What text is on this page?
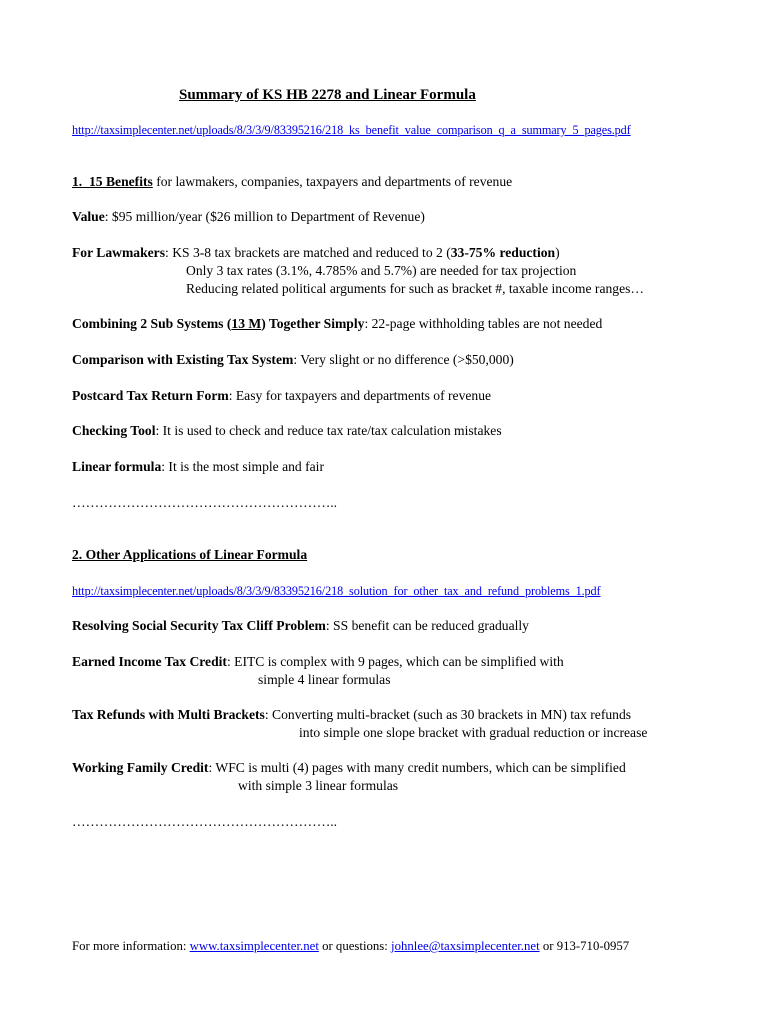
Summary of KS HB 2278 and Linear Formula
http://taxsimplecenter.net/uploads/8/3/3/9/83395216/218_ks_benefit_value_comparison_q_a_summary_5_pages.pdf
1. 15 Benefits for lawmakers, companies, taxpayers and departments of revenue
Value: $95 million/year ($26 million to Department of Revenue)
For Lawmakers: KS 3-8 tax brackets are matched and reduced to 2 (33-75% reduction)
Only 3 tax rates (3.1%, 4.785% and 5.7%) are needed for tax projection
Reducing related political arguments for such as bracket #, taxable income ranges…
Combining 2 Sub Systems (13 M) Together Simply: 22-page withholding tables are not needed
Comparison with Existing Tax System: Very slight or no difference (>$50,000)
Postcard Tax Return Form: Easy for taxpayers and departments of revenue
Checking Tool: It is used to check and reduce tax rate/tax calculation mistakes
Linear formula: It is the most simple and fair
…………………………………………………..
2. Other Applications of Linear Formula
http://taxsimplecenter.net/uploads/8/3/3/9/83395216/218_solution_for_other_tax_and_refund_problems_1.pdf
Resolving Social Security Tax Cliff Problem: SS benefit can be reduced gradually
Earned Income Tax Credit: EITC is complex with 9 pages, which can be simplified with
simple 4 linear formulas
Tax Refunds with Multi Brackets: Converting multi-bracket (such as 30 brackets in MN) tax refunds
into simple one slope bracket with gradual reduction or increase
Working Family Credit: WFC is multi (4) pages with many credit numbers, which can be simplified
with simple 3 linear formulas
…………………………………………………..
For more information: www.taxsimplecenter.net or questions: johnlee@taxsimplecenter.net or 913-710-0957
